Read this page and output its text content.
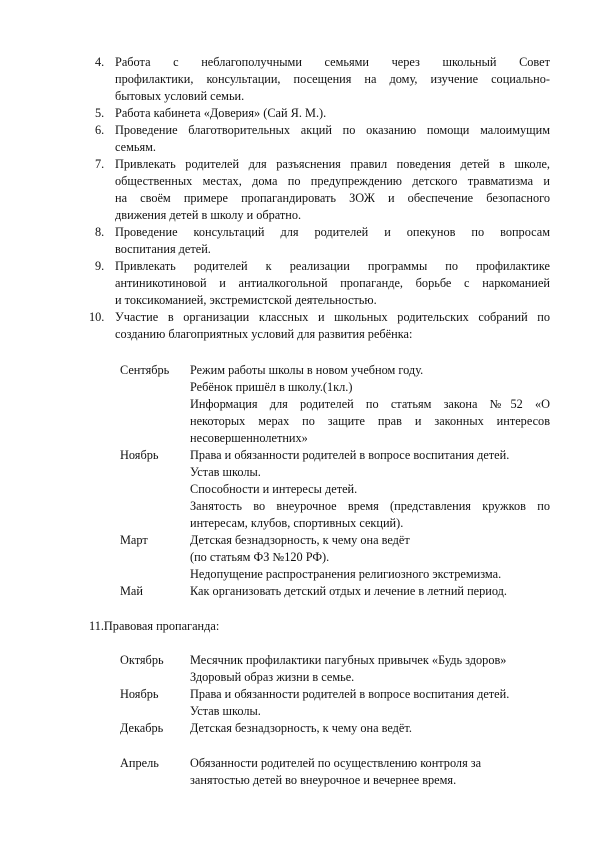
4. Работа с неблагополучными семьями через школьный Совет
профилактики, консультации, посещения на дому, изучение социально-
бытовых условий семьи.
5. Работа кабинета «Доверия» (Сай Я. М.).
6. Проведение благотворительных акций по оказанию помощи малоимущим
семьям.
7. Привлекать родителей для разъяснения правил поведения детей в школе,
общественных местах, дома по предупреждению детского травматизма и
на своём примере пропагандировать ЗОЖ и обеспечение безопасного
движения детей в школу и обратно.
8. Проведение консультаций для родителей и опекунов по вопросам
воспитания детей.
9. Привлекать родителей к реализации программы по профилактике
антиникотиновой и антиалкогольной пропаганде, борьбе с наркоманией
и токсикоманией, экстремистской деятельностью.
10. Участие в организации классных и школьных родительских собраний по
созданию благоприятных условий для развития ребёнка:
Сентябрь Режим работы школы в новом учебном году.
Ребёнок пришёл в школу.(1кл.)
Информация для родителей по статьям закона №52 «О
некоторых мерах по защите прав и законных интересов
несовершеннолетних»
Ноябрь	Права и обязанности родителей в вопросе воспитания детей.
Устав школы.
Способности и интересы детей.
Занятость во внеурочное время (представления кружков по
интересам, клубов, спортивных секций).
Март	Детская безнадзорность, к чему она ведёт
(по статьям ФЗ №120 РФ).
Недопущение распространения религиозного экстремизма.
Май	Как организовать детский отдых и лечение в летний период.
11.Правовая пропаганда:
Октябрь Месячник профилактики пагубных привычек «Будь здоров»
Здоровый образ жизни в семье.
Ноябрь	Права и обязанности родителей в вопросе воспитания детей.
Устав школы.
Декабрь Детская безнадзорность, к чему она ведёт.
Апрель	Обязанности родителей по осуществлению контроля за
занятостью детей во внеурочное и вечернее время.
